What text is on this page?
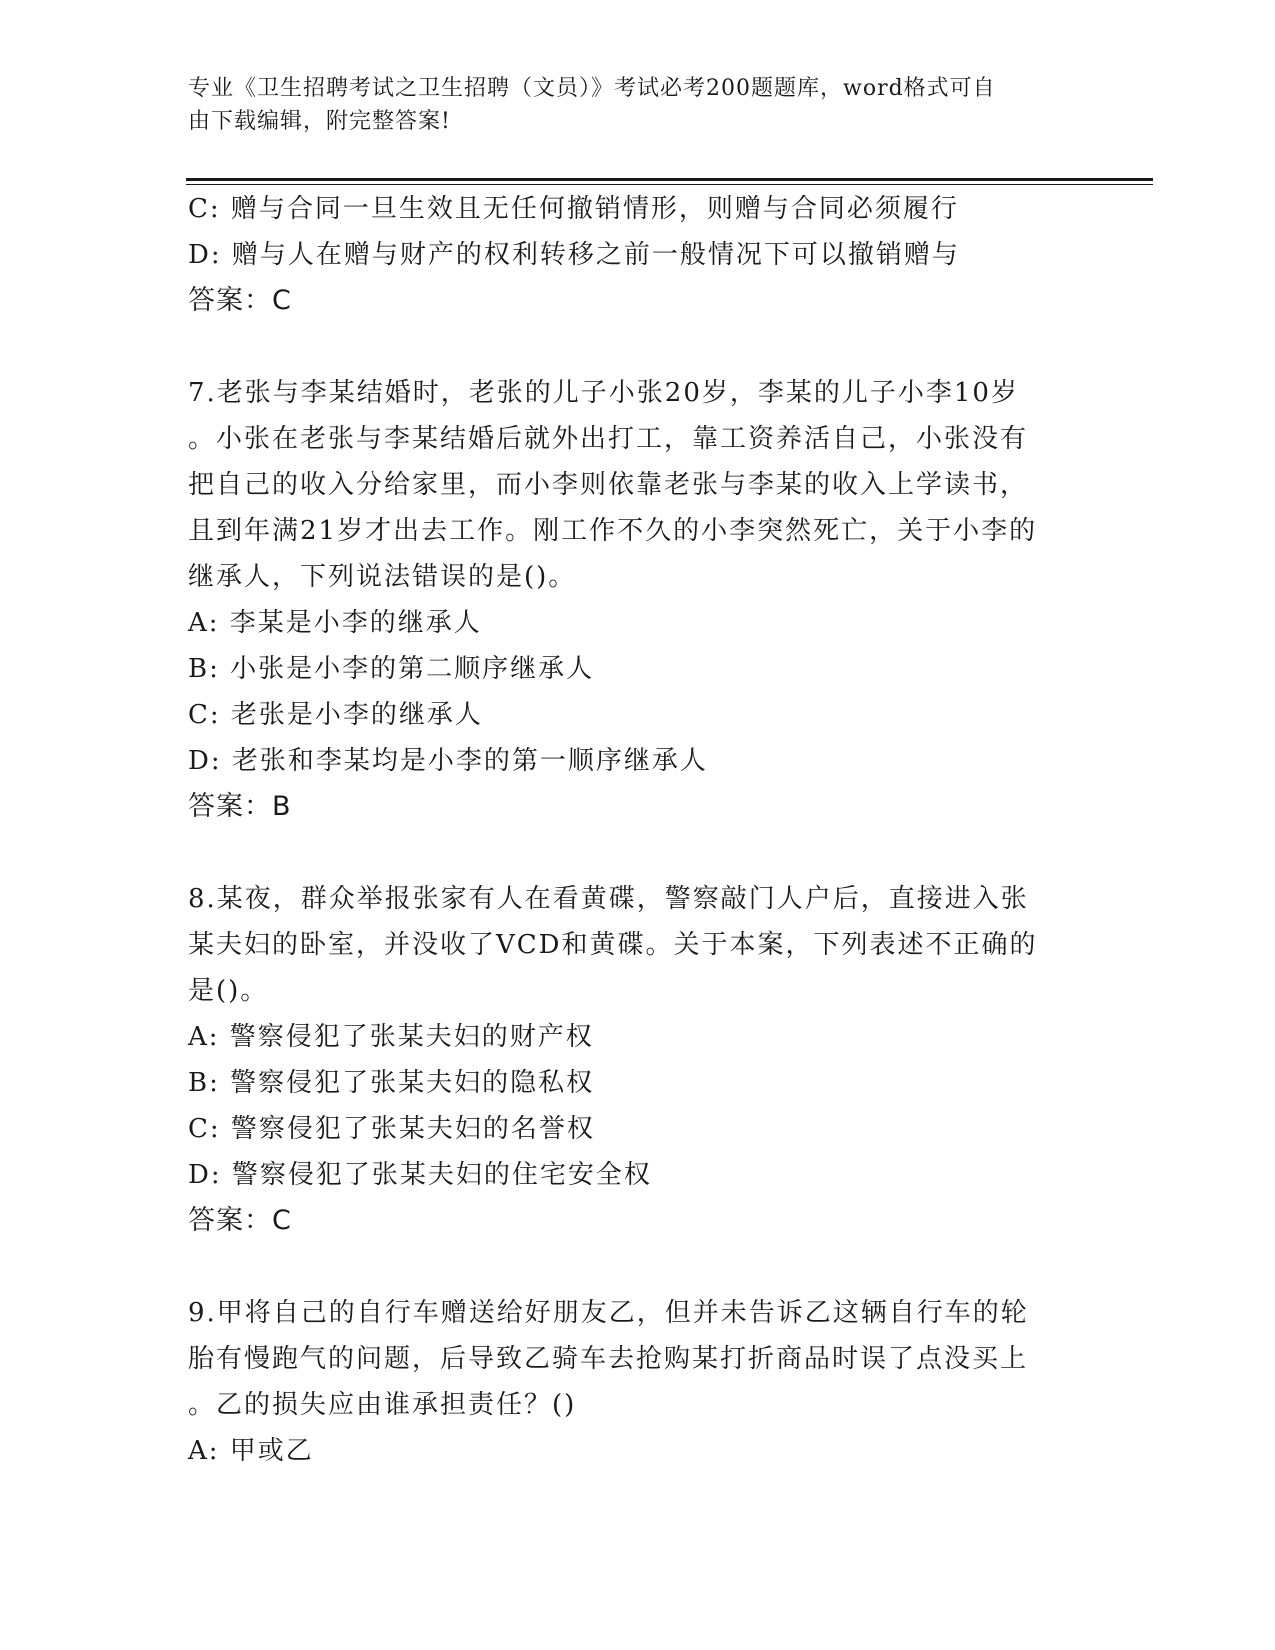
专业《卫生招聘考试之卫生招聘（文员）》考试必考200题题库，word格式可自
由下载编辑，附完整答案!
C: 赠与合同一旦生效且无任何撤销情形，则赠与合同必须履行
D: 赠与人在赠与财产的权利转移之前一般情况下可以撤销赠与
答案：C
7.老张与李某结婚时，老张的儿子小张20岁，李某的儿子小李10岁
。小张在老张与李某结婚后就外出打工，靠工资养活自己，小张没有
把自己的收入分给家里，而小李则依靠老张与李某的收入上学读书，
且到年满21岁才出去工作。刚工作不久的小李突然死亡，关于小李的
继承人，下列说法错误的是()。
A: 李某是小李的继承人
B: 小张是小李的第二顺序继承人
C: 老张是小李的继承人
D: 老张和李某均是小李的第一顺序继承人
答案：B
8.某夜，群众举报张家有人在看黄碟，警察敲门人户后，直接进入张
某夫妇的卧室，并没收了VCD和黄碟。关于本案，下列表述不正确的
是()。
A: 警察侵犯了张某夫妇的财产权
B: 警察侵犯了张某夫妇的隐私权
C: 警察侵犯了张某夫妇的名誉权
D: 警察侵犯了张某夫妇的住宅安全权
答案：C
9.甲将自己的自行车赠送给好朋友乙，但并未告诉乙这辆自行车的轮
胎有慢跑气的问题，后导致乙骑车去抢购某打折商品时误了点没买上
。乙的损失应由谁承担责任？()
A: 甲或乙
